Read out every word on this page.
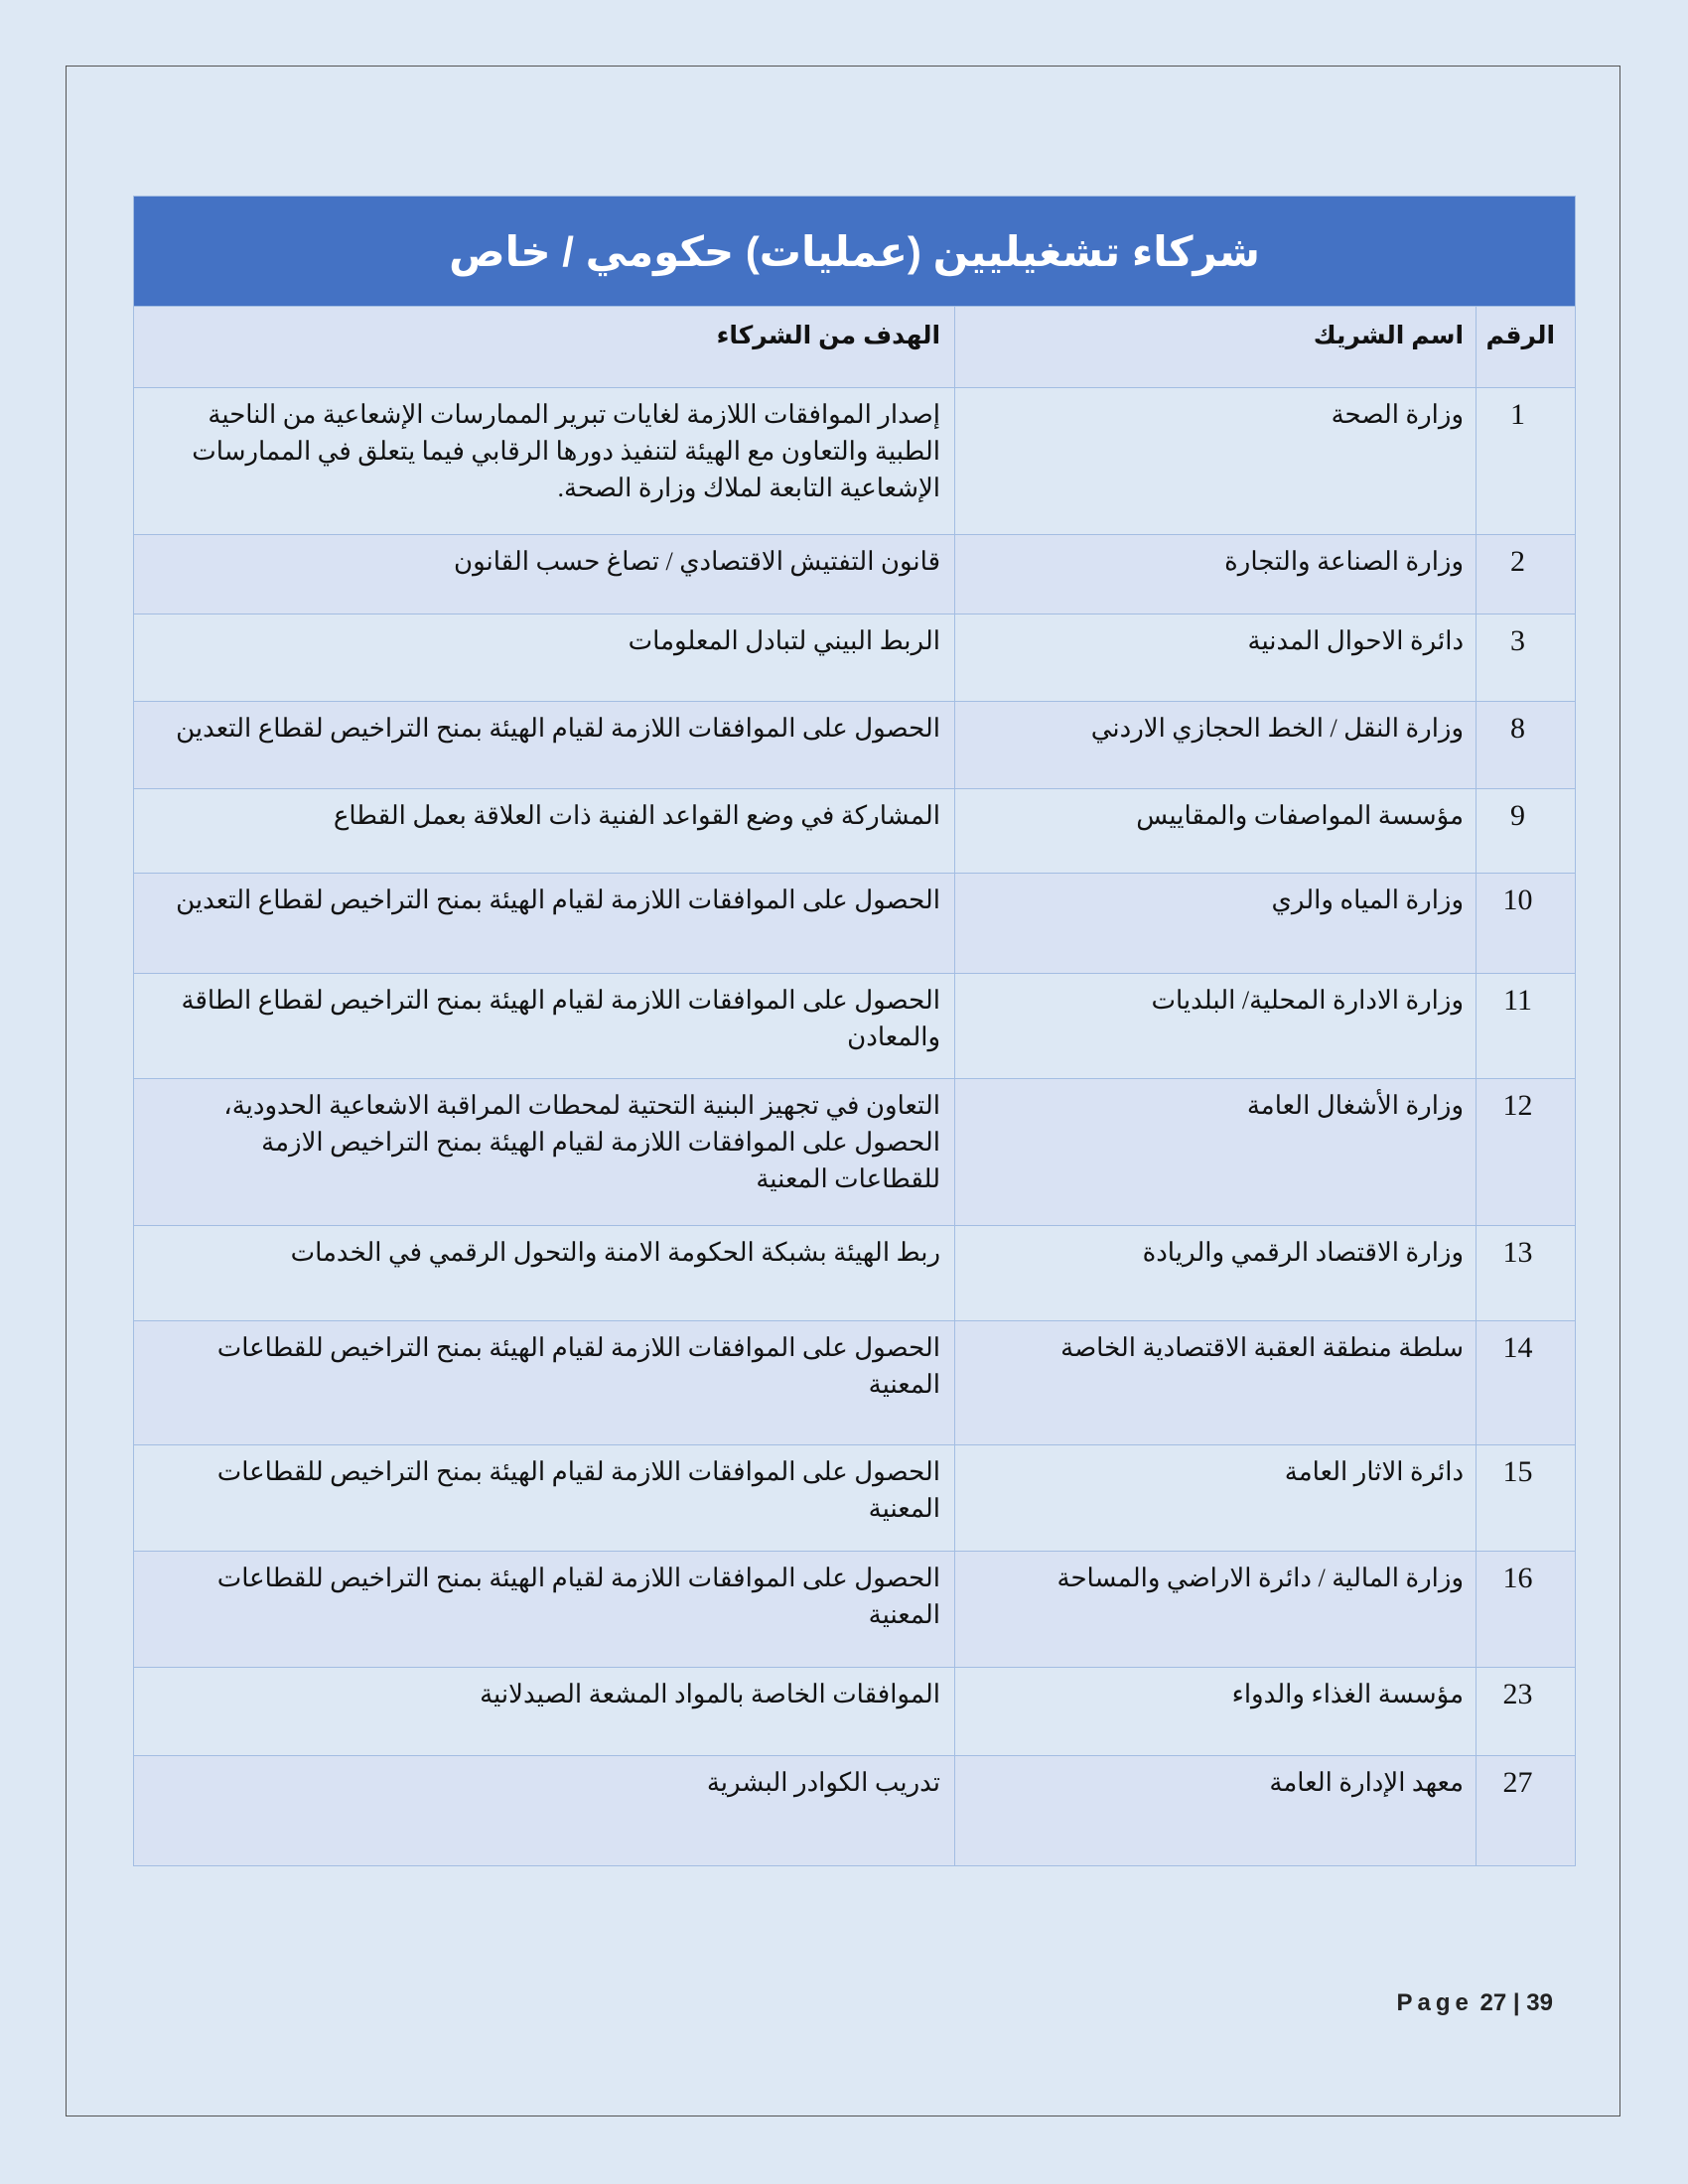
شركاء تشغيليين (عمليات) حكومي / خاص		
الرقم	اسم الشريك	الهدف من الشركاء
1	وزارة الصحة	إصدار الموافقات اللازمة لغايات تبرير الممارسات الإشعاعية من الناحية الطبية والتعاون مع الهيئة لتنفيذ دورها الرقابي فيما يتعلق في الممارسات الإشعاعية التابعة لملاك وزارة الصحة.
2	وزارة الصناعة والتجارة	قانون التفتيش الاقتصادي / تصاغ حسب القانون
3	دائرة الاحوال المدنية	الربط البيني لتبادل المعلومات
8	وزارة النقل / الخط الحجازي الاردني	الحصول على الموافقات اللازمة لقيام الهيئة بمنح التراخيص لقطاع التعدين
9	مؤسسة المواصفات والمقاييس	المشاركة في وضع القواعد الفنية ذات العلاقة بعمل القطاع
10	وزارة المياه والري	الحصول على الموافقات اللازمة لقيام الهيئة بمنح التراخيص لقطاع التعدين
11	وزارة الادارة المحلية/ البلديات	الحصول على الموافقات اللازمة لقيام الهيئة بمنح التراخيص لقطاع الطاقة والمعادن
12	وزارة الأشغال العامة	التعاون في تجهيز البنية التحتية لمحطات المراقبة الاشعاعية الحدودية، الحصول على الموافقات اللازمة لقيام الهيئة بمنح التراخيص الازمة للقطاعات المعنية
13	وزارة الاقتصاد الرقمي والريادة	ربط الهيئة بشبكة الحكومة الامنة والتحول الرقمي في الخدمات
14	سلطة منطقة العقبة الاقتصادية الخاصة	الحصول على الموافقات اللازمة لقيام الهيئة بمنح التراخيص للقطاعات المعنية
15	دائرة الاثار العامة	الحصول على الموافقات اللازمة لقيام الهيئة بمنح التراخيص للقطاعات المعنية
16	وزارة المالية / دائرة الاراضي والمساحة	الحصول على الموافقات اللازمة لقيام الهيئة بمنح التراخيص للقطاعات المعنية
23	مؤسسة الغذاء والدواء	الموافقات الخاصة بالمواد المشعة الصيدلانية
27	معهد الإدارة العامة	تدريب الكوادر البشرية
Page 27 | 39
